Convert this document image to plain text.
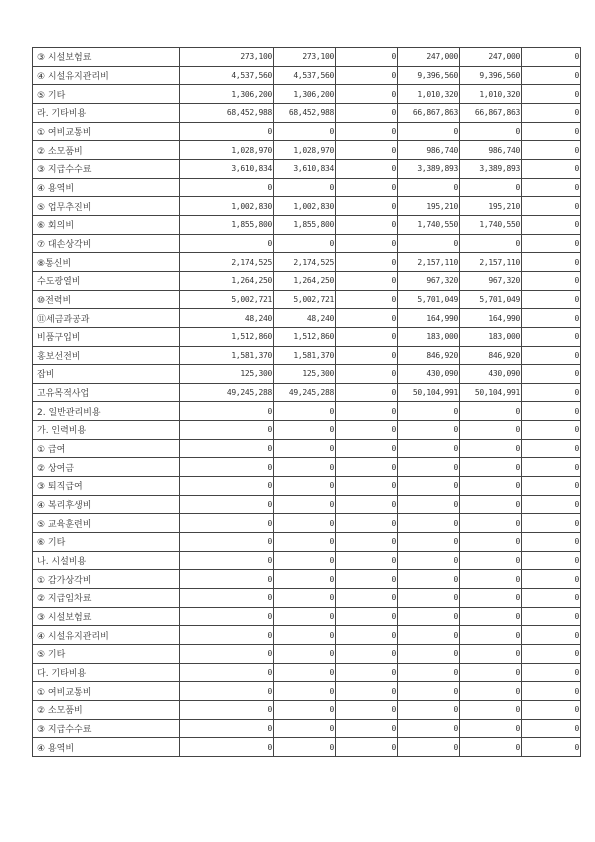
③ 시설보험료	273,100	273,100	0	247,000	247,000	0
④ 시설유지관리비	4,537,560	4,537,560	0	9,396,560	9,396,560	0
⑤ 기타	1,306,200	1,306,200	0	1,010,320	1,010,320	0
라. 기타비용	68,452,988	68,452,988	0	66,867,863	66,867,863	0
① 여비교통비	0	0	0	0	0	0
② 소모품비	1,028,970	1,028,970	0	986,740	986,740	0
③ 지급수수료	3,610,834	3,610,834	0	3,389,893	3,389,893	0
④ 용역비	0	0	0	0	0	0
⑤ 업무추진비	1,002,830	1,002,830	0	195,210	195,210	0
⑥ 회의비	1,855,800	1,855,800	0	1,740,550	1,740,550	0
⑦ 대손상각비	0	0	0	0	0	0
⑧통신비	2,174,525	2,174,525	0	2,157,110	2,157,110	0
수도광열비	1,264,250	1,264,250	0	967,320	967,320	0
⑩전력비	5,002,721	5,002,721	0	5,701,049	5,701,049	0
⑪세금과공과	48,240	48,240	0	164,990	164,990	0
비품구입비	1,512,860	1,512,860	0	183,000	183,000	0
홍보선전비	1,581,370	1,581,370	0	846,920	846,920	0
잡비	125,300	125,300	0	430,090	430,090	0
고유목적사업	49,245,288	49,245,288	0	50,104,991	50,104,991	0
2. 일반관리비용	0	0	0	0	0	0
가. 인력비용	0	0	0	0	0	0
① 급여	0	0	0	0	0	0
② 상여금	0	0	0	0	0	0
③ 퇴직급여	0	0	0	0	0	0
④ 복리후생비	0	0	0	0	0	0
⑤ 교육훈련비	0	0	0	0	0	0
⑥ 기타	0	0	0	0	0	0
나. 시설비용	0	0	0	0	0	0
① 감가상각비	0	0	0	0	0	0
② 지급임차료	0	0	0	0	0	0
③ 시설보험료	0	0	0	0	0	0
④ 시설유지관리비	0	0	0	0	0	0
⑤ 기타	0	0	0	0	0	0
다. 기타비용	0	0	0	0	0	0
① 여비교통비	0	0	0	0	0	0
② 소모품비	0	0	0	0	0	0
③ 지급수수료	0	0	0	0	0	0
④ 용역비	0	0	0	0	0	0
